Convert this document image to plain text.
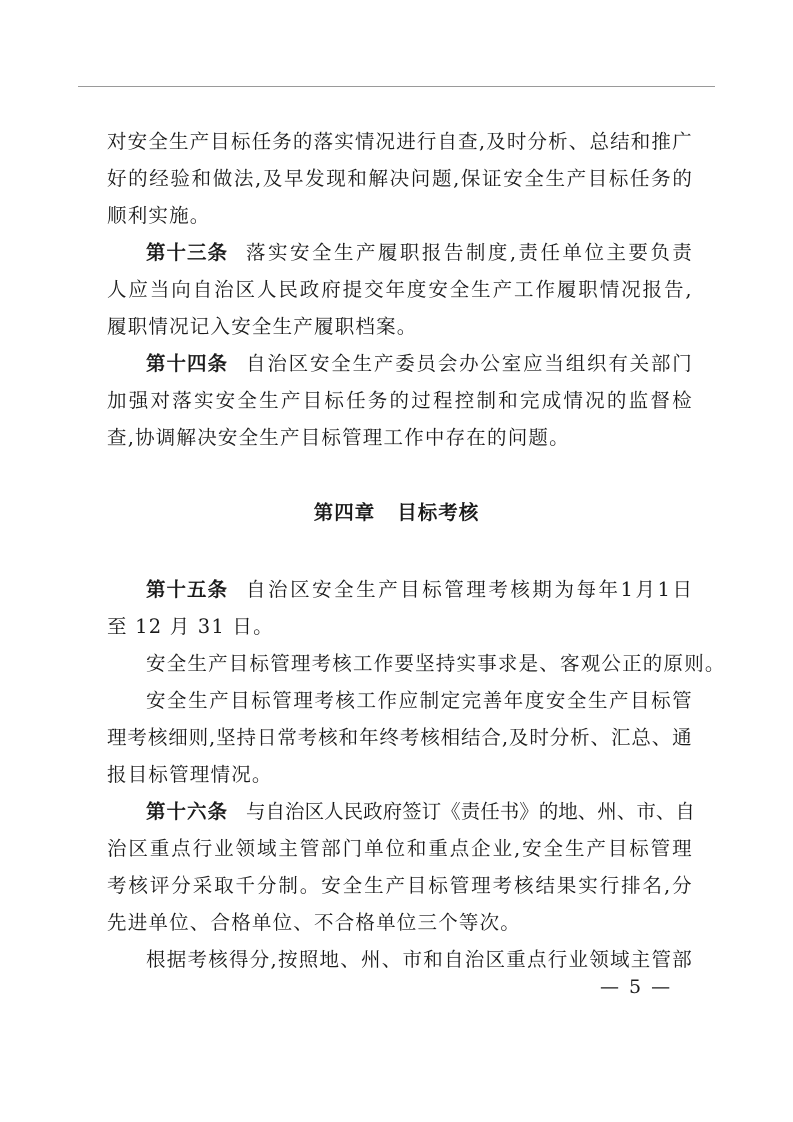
对 安 全 生 产 目 标 任 务 的 落 实 情 况 进 行 自 查 , 及 时 分 析 、 总 结 和 推 广
好 的 经 验 和 做 法 , 及 早 发 现 和 解 决 问 题 , 保 证 安 全 生 产 目 标 任 务 的
顺利实施。
第十三条 落 实 安 全 生 产 履 职 报 告 制 度 , 责 任 单 位 主 要 负 责
人 应 当 向 自 治 区 人 民 政 府 提 交 年 度 安 全 生 产 工 作 履 职 情 况 报 告 ,
履职情况记入安全生产履职档案。
第十四条 自 治 区 安 全 生 产 委 员 会 办 公 室 应 当 组 织 有 关 部 门
加 强 对 落 实 安 全 生 产 目 标 任 务 的 过 程 控 制 和 完 成 情 况 的 监 督 检
查,协调解决安全生产目标管理工作中存在的问题。
第四章 目标考核
第十五条 自 治 区 安 全 生 产 目 标 管 理 考 核 期 为 每 年 1 月 1 日
至 12 月 31 日。
安全生产目标管理考核工作要坚持实事求是、客观公正的原则。
安 全 生 产 目 标 管 理 考 核 工 作 应 制 定 完 善 年 度 安 全 生 产 目 标 管
理 考 核 细 则 , 坚 持 日 常 考 核 和 年 终 考 核 相 结 合 , 及 时 分 析 、 汇 总 、 通
报目标管理情况。
第十六条 与 自 治 区 人 民 政 府 签 订 《 责 任 书 》 的 地 、 州 、 市 、 自
治 区 重 点 行 业 领 域 主 管 部 门 单 位 和 重 点 企 业 , 安 全 生 产 目 标 管 理
考 核 评 分 采 取 千 分 制 。 安 全 生 产 目 标 管 理 考 核 结 果 实 行 排 名 , 分
先进单位、合格单位、不合格单位三个等次。
根 据 考 核 得 分 , 按 照 地 、 州 、 市 和 自 治 区 重 点 行 业 领 域 主 管 部
— 5 —
